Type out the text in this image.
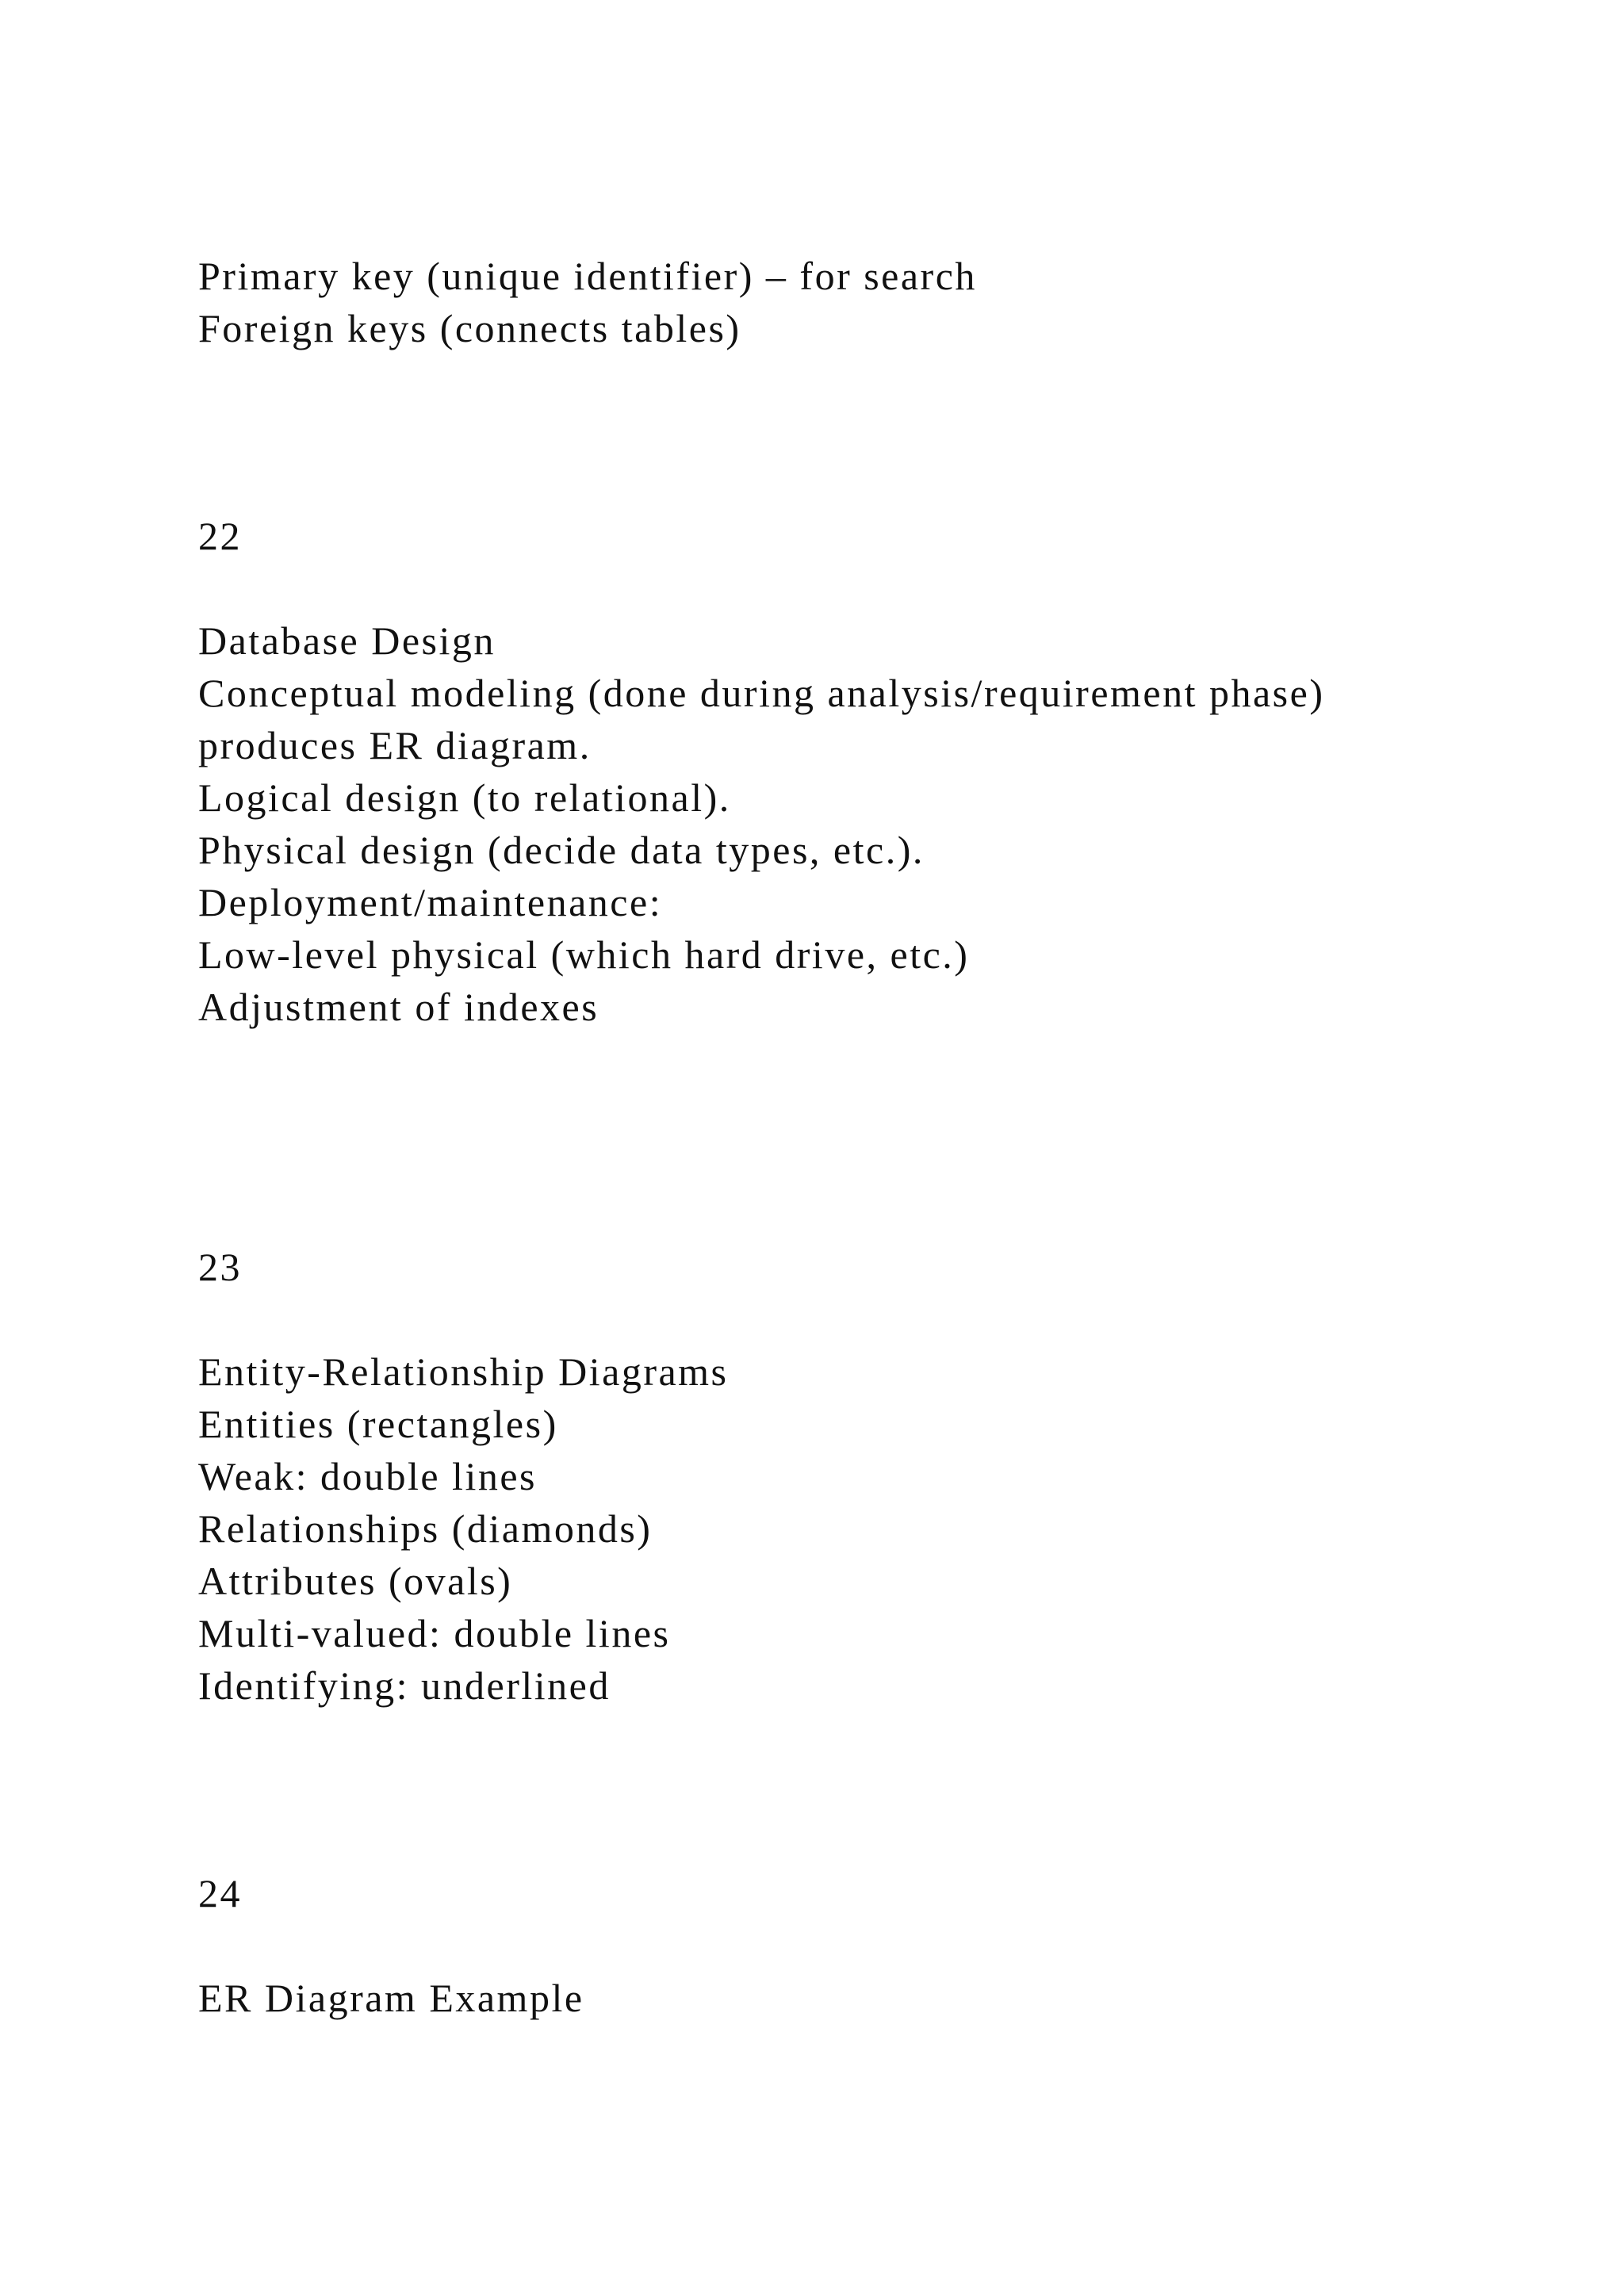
Primary key (unique identifier) – for search

Foreign keys (connects tables)

22

Database Design

Conceptual modeling (done during analysis/requirement phase)

produces ER diagram.

Logical design (to relational).

Physical design (decide data types, etc.).

Deployment/maintenance:

Low-level physical (which hard drive, etc.)

Adjustment of indexes

23

Entity-Relationship Diagrams

Entities (rectangles)

Weak: double lines

Relationships (diamonds)

Attributes (ovals)

Multi-valued: double lines

Identifying: underlined

24

ER Diagram Example
